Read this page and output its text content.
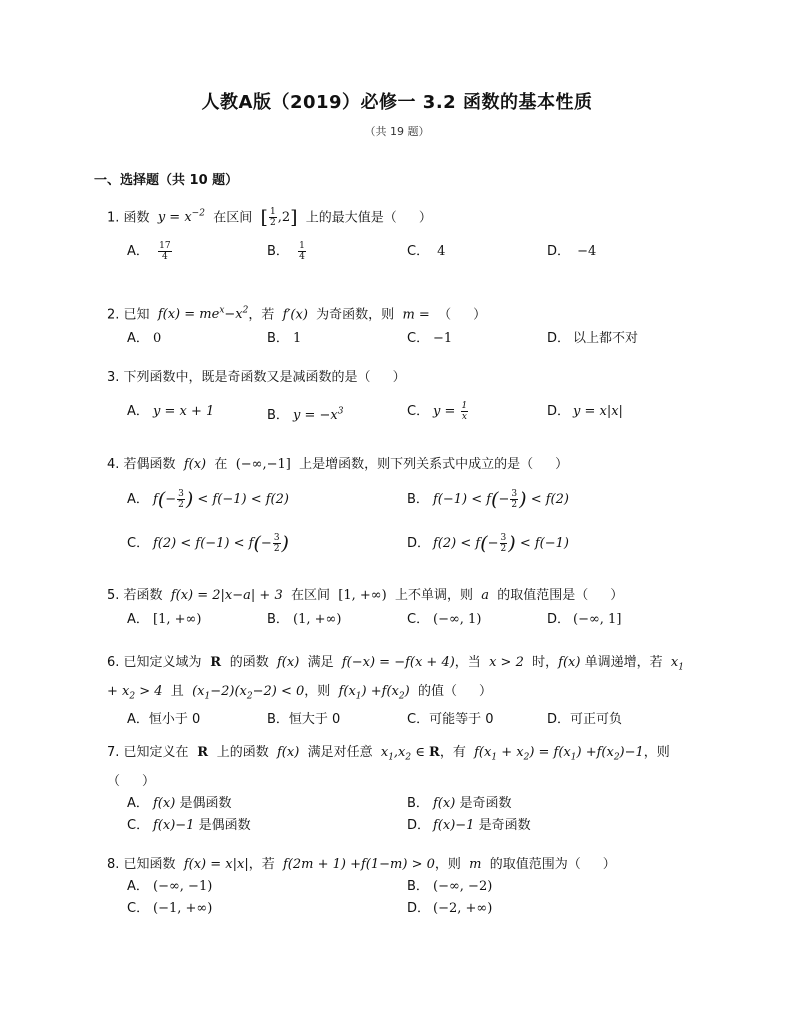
人教A版（2019）必修一 3.2 函数的基本性质
（共 19 题）
一、选择题（共 10 题）
1. 函数  $y = x^{-2}$ 在区间 [ $\frac{1}{2} ,2$] 上的最大值是（ ）
A． $\frac{17}{4}$	B． $\frac{1}{4}$	C． 4	D． −4
2. 已知  $f(x) = me^x-x^2$，若  f′(x)  为奇函数，则  m =  （ ）
A． 0	B． 1	C． −1	D． 以上都不对
3. 下列函数中，既是奇函数又是减函数的是（ ）
A． y = x + 1	B． $y = -x^3$	C． $y = \frac{1}{x}$	D． y = x|x|
4. 若偶函数  f(x)  在  (−∞,−1]  上是增函数，则下列关系式中成立的是（ ）
A． $f(- \frac{3}{2}$ ) < f(−1) < f(2)	B． $f(-1) < f(- \frac{3}{2}$ ) < f(2)
C． $f(2) < f(-1) < f(- \frac{3}{2}$ )	D． $f(2) < f(- \frac{3}{2}$ ) < f(−1)
5. 若函数  f(x) = 2|x−a| + 3  在区间  [1, +∞)  上不单调，则  a  的取值范围是（ ）
A． [1, +∞)	B． (1, +∞)	C． (−∞, 1)	D． (−∞, 1]
6. 已知定义域为  R  的函数  f(x)  满足  f(−x) = −f(x + 4)，当  x > 2  时，f(x) 单调递增，若  $x_1$
+ $x_2 > 4$  且  $(x_1-2)(x_2-2) < 0$，则  $f(x_1) +f(x_2)$  的值（ ）
A．恒小于 0	B．恒大于 0	C．可能等于 0	D．可正可负
7. 已知定义在  R  上的函数  f(x)  满足对任意  $x_1,x_2$ ∈ R，有  $f(x_1 + x_2) = f(x_1) +f(x_2)-1$，则
（ ）
A． f(x) 是偶函数	B． f(x) 是奇函数
C． f(x)−1 是偶函数	D． f(x)−1 是奇函数
8. 已知函数  f(x) = x|x|，若  f(2m + 1) +f(1−m) > 0，则  m  的取值范围为（ ）
A． (−∞, −1)	B． (−∞, −2)
C． (−1, +∞)	D． (−2, +∞)
